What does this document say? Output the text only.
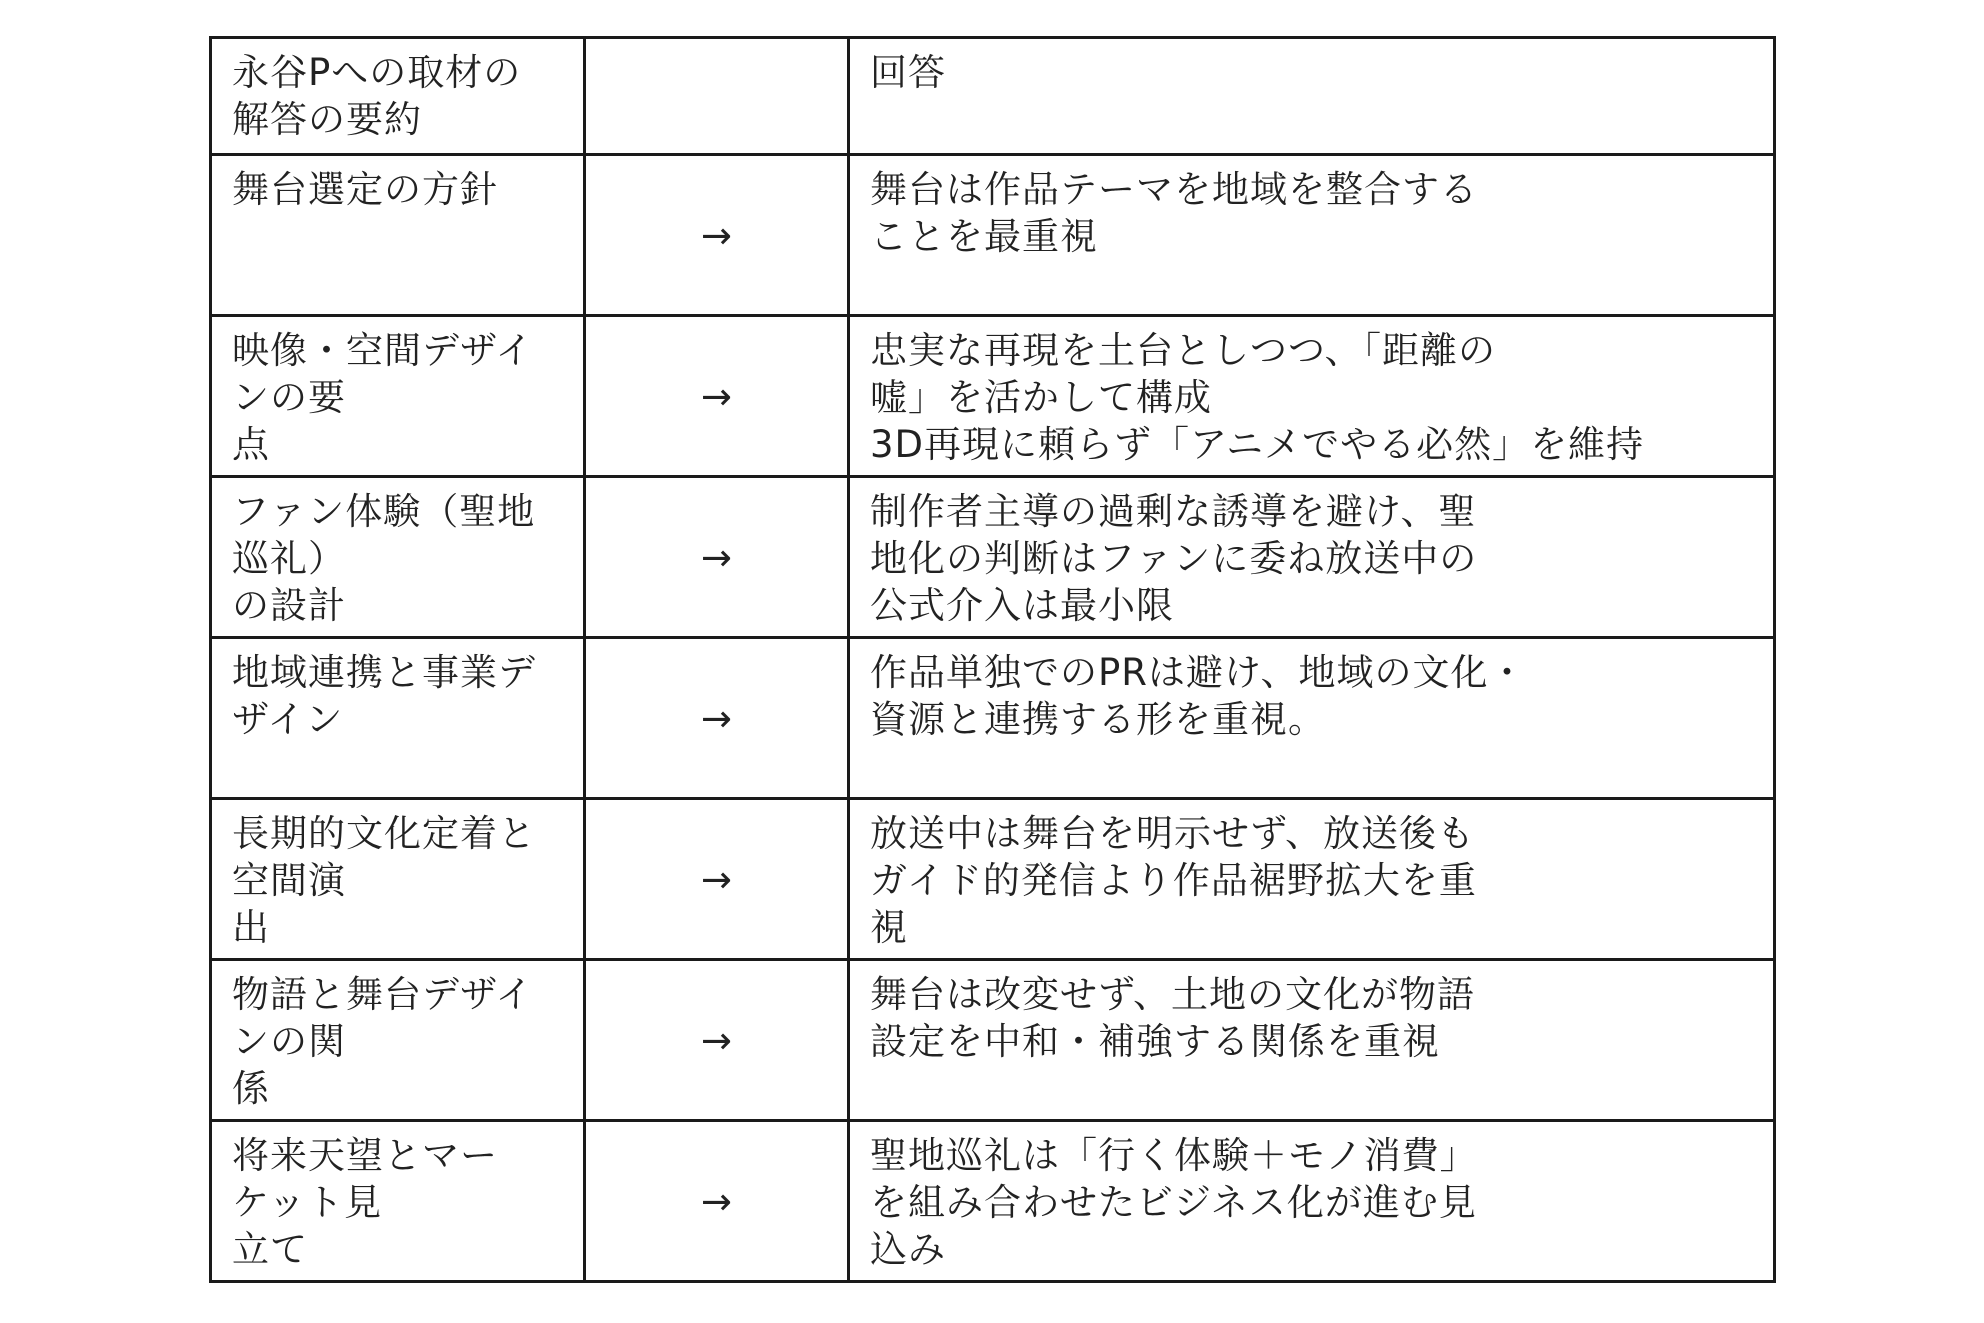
永谷Pへの取材の
解答の要約		回答

舞台選定の方針	→	舞台は作品テーマを地域を整合する
ことを最重視

映像・空間デザイ
ンの要
点	→	忠実な再現を土台としつつ、「距離の
嘘」を活かして構成
3D再現に頼らず「アニメでやる必然」を維持

ファン体験（聖地
巡礼）
の設計	→	制作者主導の過剰な誘導を避け、聖
地化の判断はファンに委ね放送中の
公式介入は最小限

地域連携と事業デ
ザイン	→	作品単独でのPRは避け、地域の文化・
資源と連携する形を重視。

長期的文化定着と
空間演
出	→	放送中は舞台を明示せず、放送後も
ガイド的発信より作品裾野拡大を重
視

物語と舞台デザイ
ンの関
係	→	舞台は改変せず、土地の文化が物語
設定を中和・補強する関係を重視

将来天望とマー
ケット見
立て	→	聖地巡礼は「行く体験＋モノ消費」
を組み合わせたビジネス化が進む見
込み
